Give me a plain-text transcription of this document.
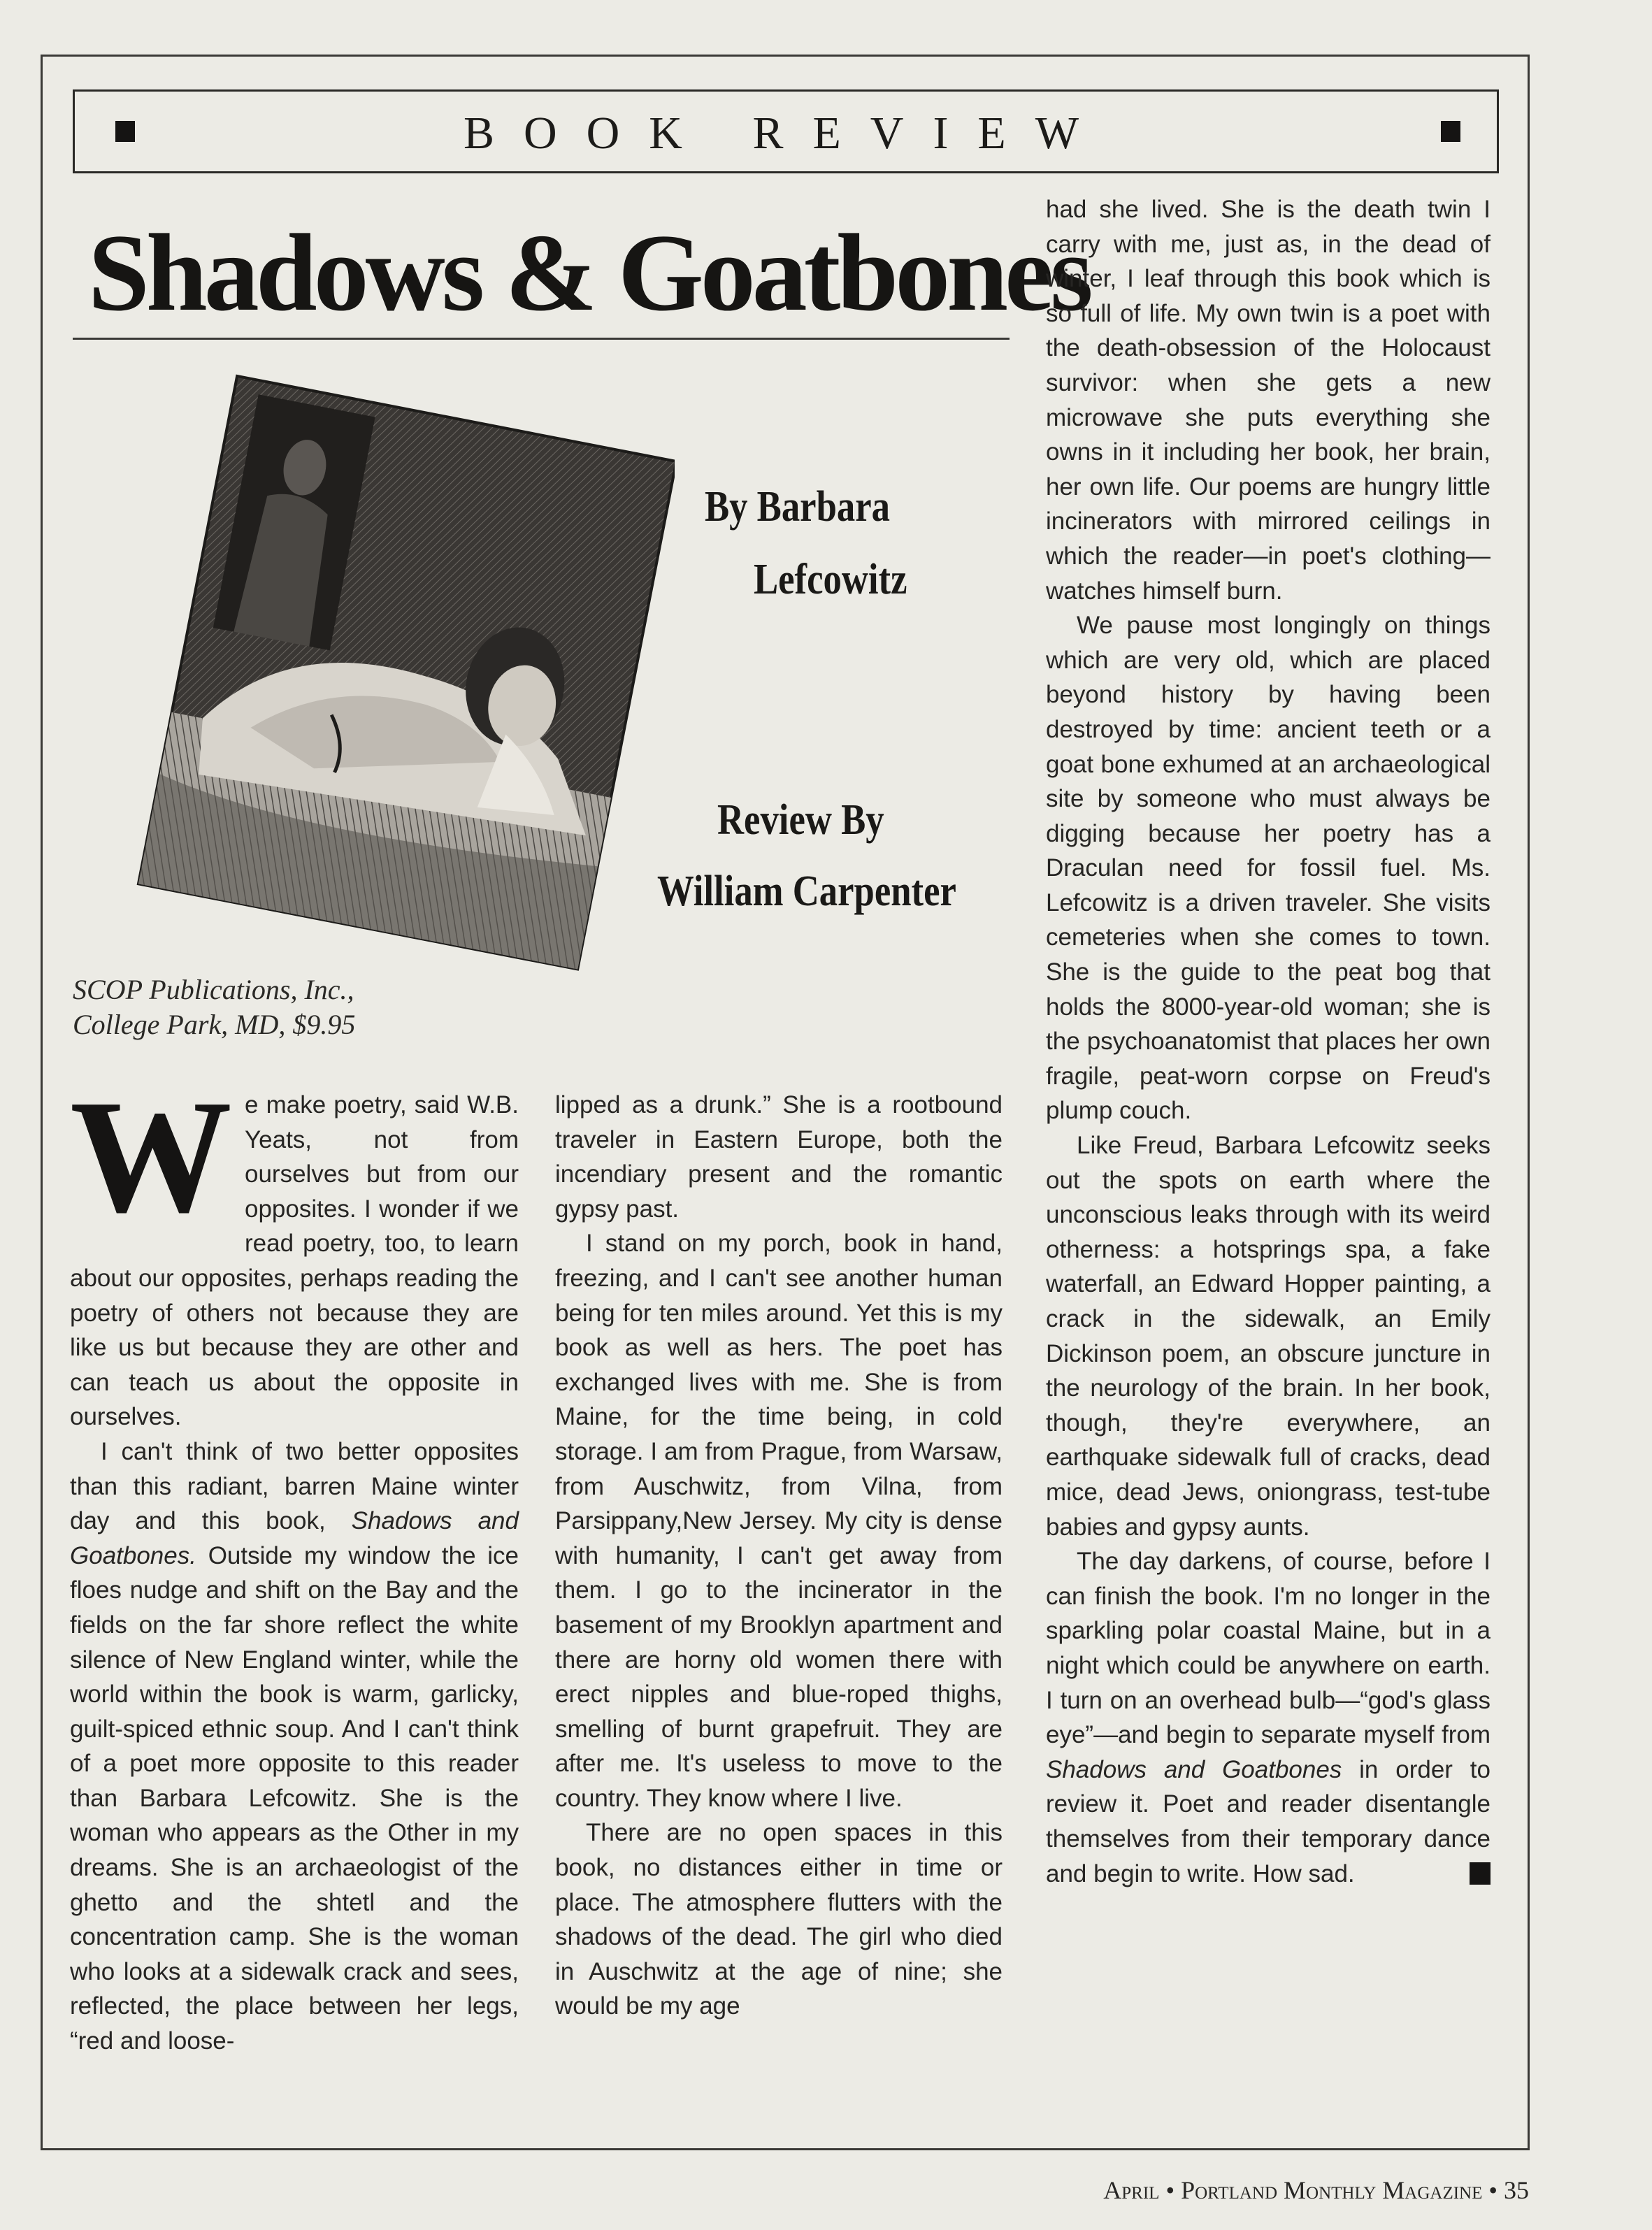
BOOK REVIEW
Shadows & Goatbones
SCOP Publications, Inc.,
College Park, MD, $9.95
By Barbara
Lefcowitz
Review By
William Carpenter

We make poetry, said W.B. Yeats, not from ourselves but from our opposites. I wonder if we read poetry, too, to learn about our opposites, perhaps reading the poetry of others not because they are like us but because they are other and can teach us about the opposite in ourselves.

I can't think of two better opposites than this radiant, barren Maine winter day and this book, Shadows and Goatbones. Outside my window the ice floes nudge and shift on the Bay and the fields on the far shore reflect the white silence of New England winter, while the world within the book is warm, garlicky, guilt-spiced ethnic soup. And I can't think of a poet more opposite to this reader than Barbara Lefcowitz. She is the woman who appears as the Other in my dreams. She is an archaeologist of the ghetto and the shtetl and the concentration camp. She is the woman who looks at a sidewalk crack and sees, reflected, the place between her legs, “red and loose-

lipped as a drunk.” She is a rootbound traveler in Eastern Europe, both the incendiary present and the romantic gypsy past.

I stand on my porch, book in hand, freezing, and I can't see another human being for ten miles around. Yet this is my book as well as hers. The poet has exchanged lives with me. She is from Maine, for the time being, in cold storage. I am from Prague, from Warsaw, from Auschwitz, from Vilna, from Parsippany,New Jersey. My city is dense with humanity, I can't get away from them. I go to the incinerator in the basement of my Brooklyn apartment and there are horny old women there with erect nipples and blue-roped thighs, smelling of burnt grapefruit. They are after me. It's useless to move to the country. They know where I live.

There are no open spaces in this book, no distances either in time or place. The atmosphere flutters with the shadows of the dead. The girl who died in Auschwitz at the age of nine; she would be my age

had she lived. She is the death twin I carry with me, just as, in the dead of winter, I leaf through this book which is so full of life. My own twin is a poet with the death-obsession of the Holocaust survivor: when she gets a new microwave she puts everything she owns in it including her book, her brain, her own life. Our poems are hungry little incinerators with mirrored ceilings in which the reader—in poet's clothing—watches himself burn.

We pause most longingly on things which are very old, which are placed beyond history by having been destroyed by time: ancient teeth or a goat bone exhumed at an archaeological site by someone who must always be digging because her poetry has a Draculan need for fossil fuel. Ms. Lefcowitz is a driven traveler. She visits cemeteries when she comes to town. She is the guide to the peat bog that holds the 8000-year-old woman; she is the psychoanatomist that places her own fragile, peat-worn corpse on Freud's plump couch.

Like Freud, Barbara Lefcowitz seeks out the spots on earth where the unconscious leaks through with its weird otherness: a hotsprings spa, a fake waterfall, an Edward Hopper painting, a crack in the sidewalk, an Emily Dickinson poem, an obscure juncture in the neurology of the brain. In her book, though, they're everywhere, an earthquake sidewalk full of cracks, dead mice, dead Jews, oniongrass, test-tube babies and gypsy aunts.

The day darkens, of course, before I can finish the book. I'm no longer in the sparkling polar coastal Maine, but in a night which could be anywhere on earth. I turn on an overhead bulb—“god's glass eye”—and begin to separate myself from Shadows and Goatbones in order to review it. Poet and reader disentangle themselves from their temporary dance and begin to write. How sad.

April • Portland Monthly Magazine • 35
